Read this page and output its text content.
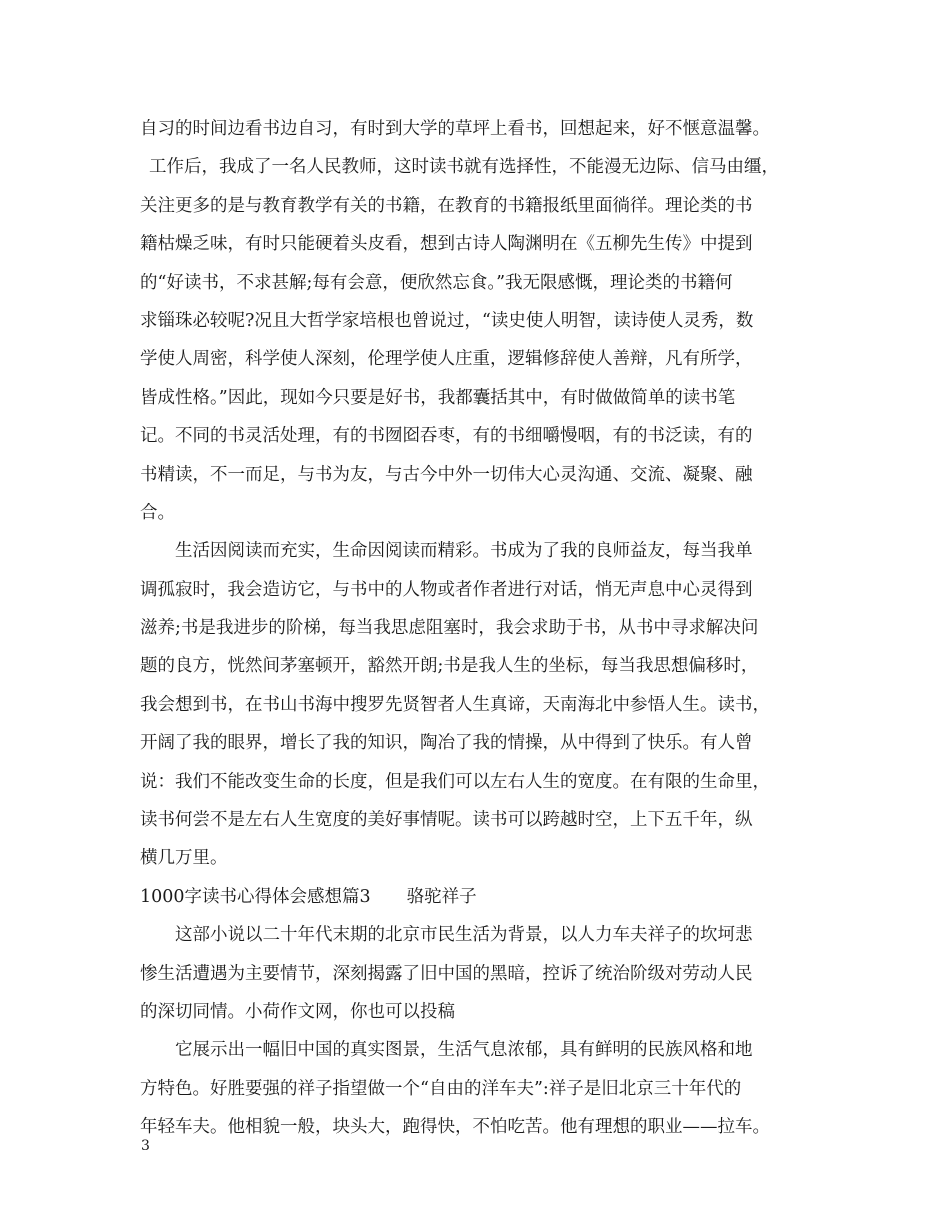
自习的时间边看书边自习，有时到大学的草坪上看书，回想起来，好不惬意温馨。
工作后，我成了一名人民教师，这时读书就有选择性，不能漫无边际、信马由缰，
关注更多的是与教育教学有关的书籍，在教育的书籍报纸里面徜徉。理论类的书
籍枯燥乏味，有时只能硬着头皮看，想到古诗人陶渊明在《五柳先生传》中提到
的“好读书，不求甚解;每有会意，便欣然忘食。”我无限感慨，理论类的书籍何
求锱珠必较呢?况且大哲学家培根也曾说过，“读史使人明智，读诗使人灵秀，数
学使人周密，科学使人深刻，伦理学使人庄重，逻辑修辞使人善辩，凡有所学，
皆成性格。”因此，现如今只要是好书，我都囊括其中，有时做做简单的读书笔
记。不同的书灵活处理，有的书囫囵吞枣，有的书细嚼慢咽，有的书泛读，有的
书精读，不一而足，与书为友，与古今中外一切伟大心灵沟通、交流、凝聚、融
合。
生活因阅读而充实，生命因阅读而精彩。书成为了我的良师益友，每当我单
调孤寂时，我会造访它，与书中的人物或者作者进行对话，悄无声息中心灵得到
滋养;书是我进步的阶梯，每当我思虑阻塞时，我会求助于书，从书中寻求解决问
题的良方，恍然间茅塞顿开，豁然开朗;书是我人生的坐标，每当我思想偏移时，
我会想到书，在书山书海中搜罗先贤智者人生真谛，天南海北中参悟人生。读书，
开阔了我的眼界，增长了我的知识，陶冶了我的情操，从中得到了快乐。有人曾
说：我们不能改变生命的长度，但是我们可以左右人生的宽度。在有限的生命里，
读书何尝不是左右人生宽度的美好事情呢。读书可以跨越时空，上下五千年，纵
横几万里。
1000字读书心得体会感想篇3 骆驼祥子
这部小说以二十年代末期的北京市民生活为背景，以人力车夫祥子的坎坷悲
惨生活遭遇为主要情节，深刻揭露了旧中国的黑暗，控诉了统治阶级对劳动人民
的深切同情。小荷作文网，你也可以投稿
它展示出一幅旧中国的真实图景，生活气息浓郁，具有鲜明的民族风格和地
方特色。好胜要强的祥子指望做一个“自由的洋车夫”:祥子是旧北京三十年代的
年轻车夫。他相貌一般，块头大，跑得快，不怕吃苦。他有理想的职业——拉车。
3
